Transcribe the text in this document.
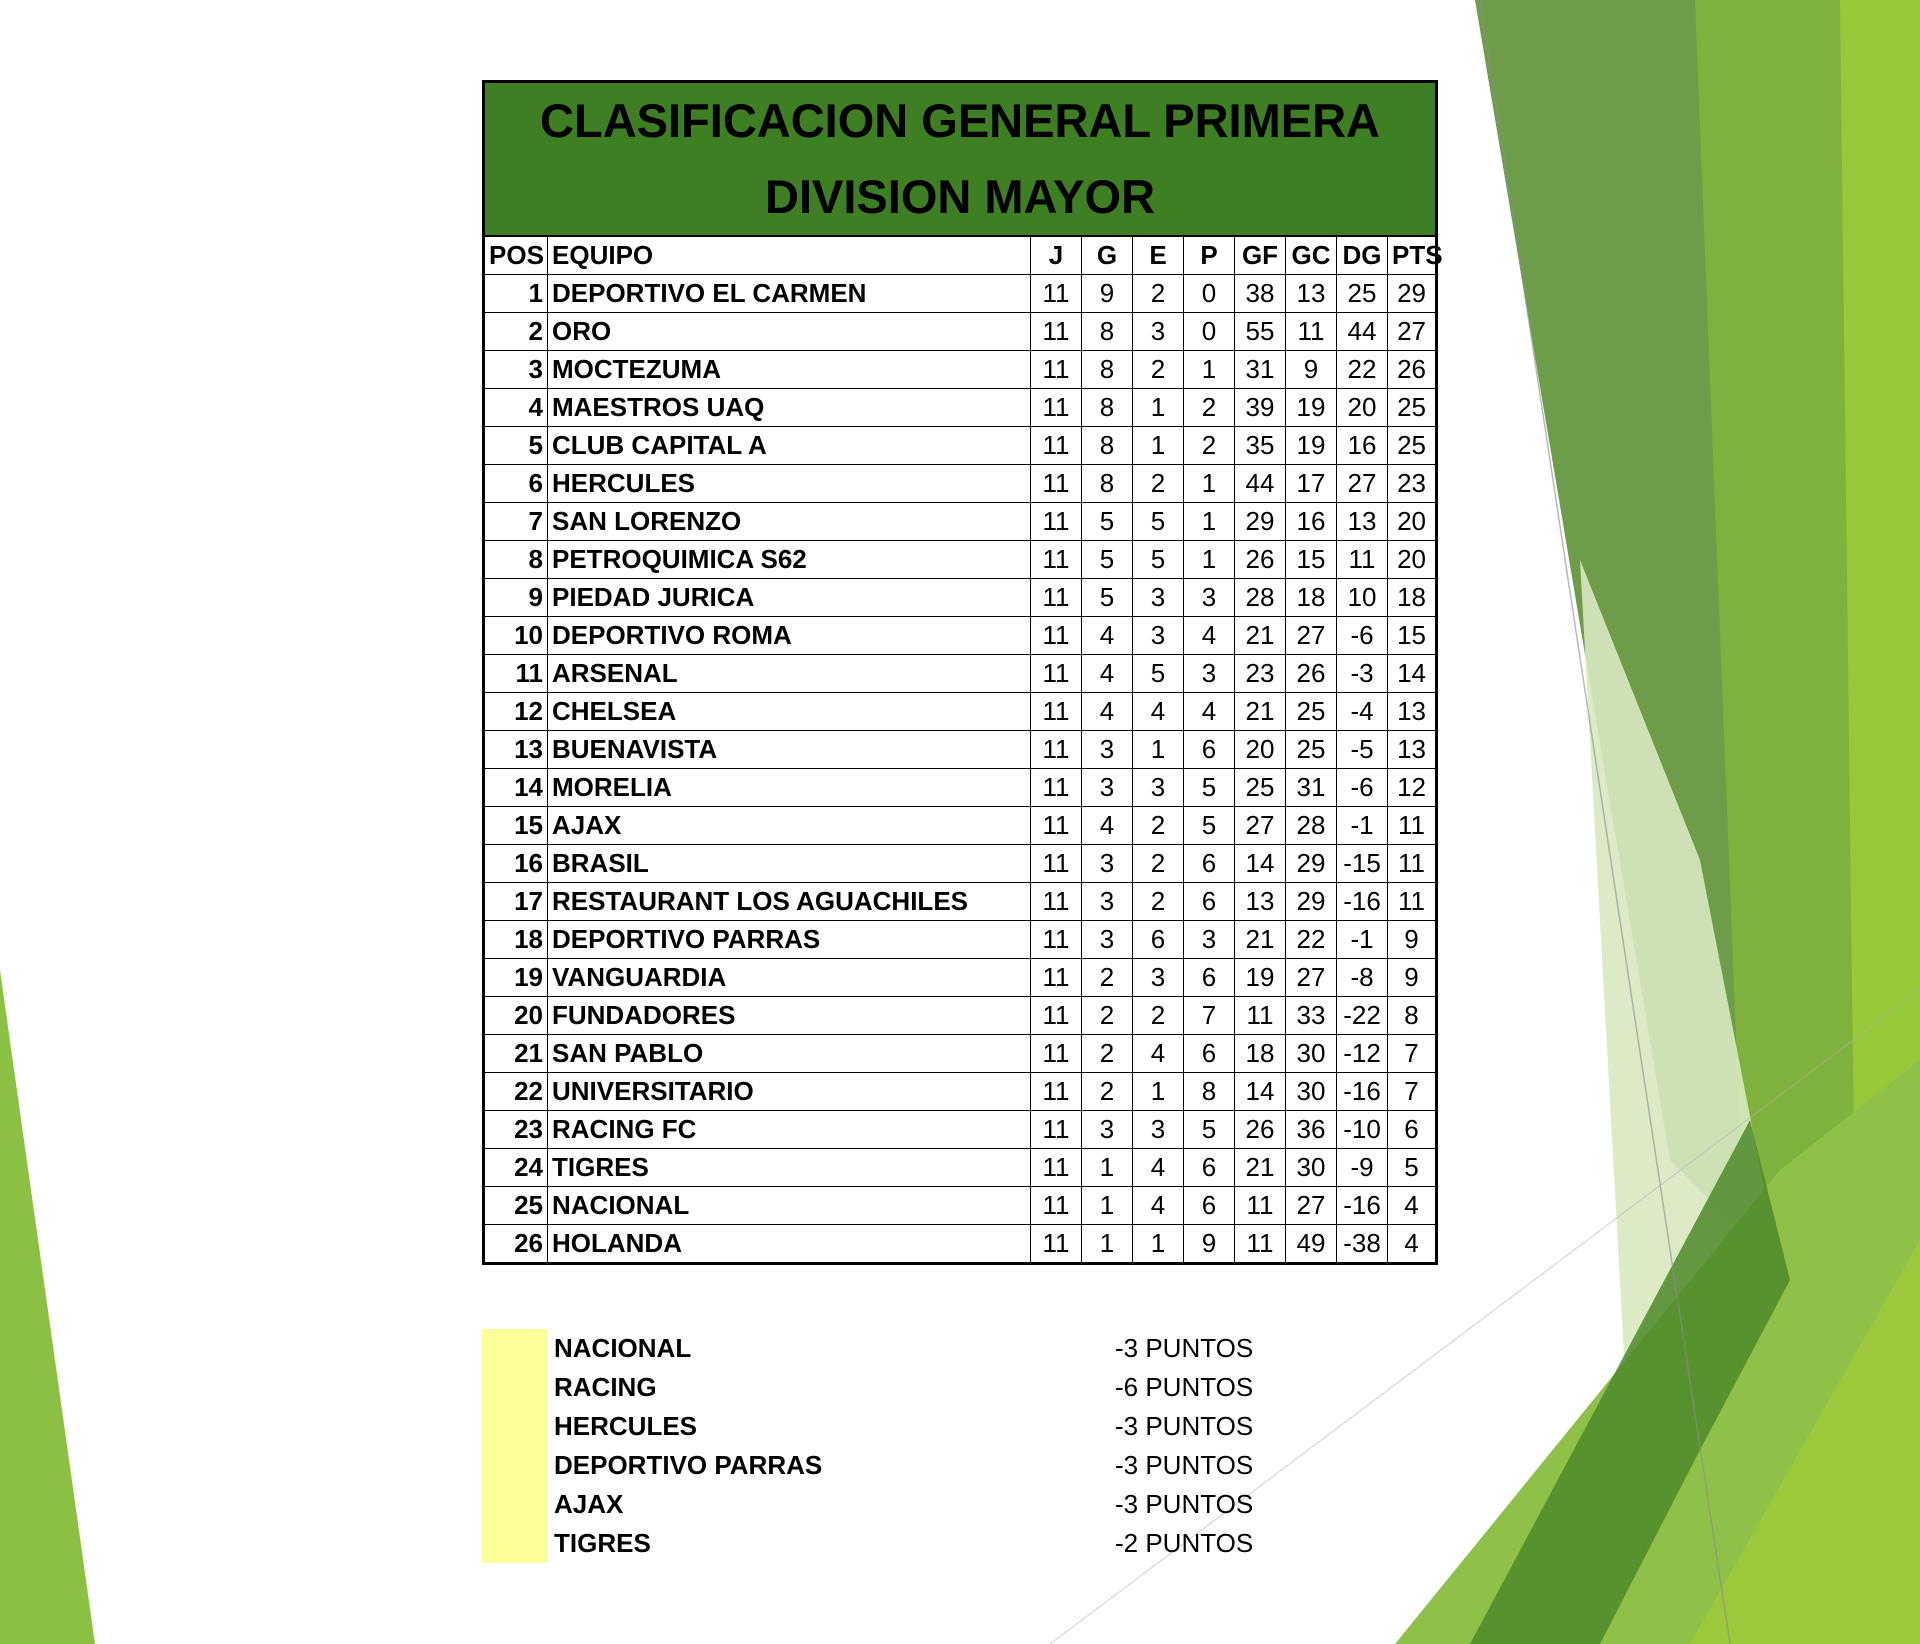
CLASIFICACION GENERAL PRIMERA DIVISION MAYOR									
POS	EQUIPO	J	G	E	P	GF	GC	DG	PTS
1	DEPORTIVO EL CARMEN	11	9	2	0	38	13	25	29
2	ORO	11	8	3	0	55	11	44	27
3	MOCTEZUMA	11	8	2	1	31	9	22	26
4	MAESTROS UAQ	11	8	1	2	39	19	20	25
5	CLUB CAPITAL A	11	8	1	2	35	19	16	25
6	HERCULES	11	8	2	1	44	17	27	23
7	SAN LORENZO	11	5	5	1	29	16	13	20
8	PETROQUIMICA S62	11	5	5	1	26	15	11	20
9	PIEDAD JURICA	11	5	3	3	28	18	10	18
10	DEPORTIVO ROMA	11	4	3	4	21	27	-6	15
11	ARSENAL	11	4	5	3	23	26	-3	14
12	CHELSEA	11	4	4	4	21	25	-4	13
13	BUENAVISTA	11	3	1	6	20	25	-5	13
14	MORELIA	11	3	3	5	25	31	-6	12
15	AJAX	11	4	2	5	27	28	-1	11
16	BRASIL	11	3	2	6	14	29	-15	11
17	RESTAURANT LOS AGUACHILES	11	3	2	6	13	29	-16	11
18	DEPORTIVO PARRAS	11	3	6	3	21	22	-1	9
19	VANGUARDIA	11	2	3	6	19	27	-8	9
20	FUNDADORES	11	2	2	7	11	33	-22	8
21	SAN PABLO	11	2	4	6	18	30	-12	7
22	UNIVERSITARIO	11	2	1	8	14	30	-16	7
23	RACING FC	11	3	3	5	26	36	-10	6
24	TIGRES	11	1	4	6	21	30	-9	5
25	NACIONAL	11	1	4	6	11	27	-16	4
26	HOLANDA	11	1	1	9	11	49	-38	4
NACIONAL	-3 PUNTOS
RACING	-6 PUNTOS
HERCULES	-3 PUNTOS
DEPORTIVO PARRAS	-3 PUNTOS
AJAX	-3 PUNTOS
TIGRES	-2 PUNTOS
